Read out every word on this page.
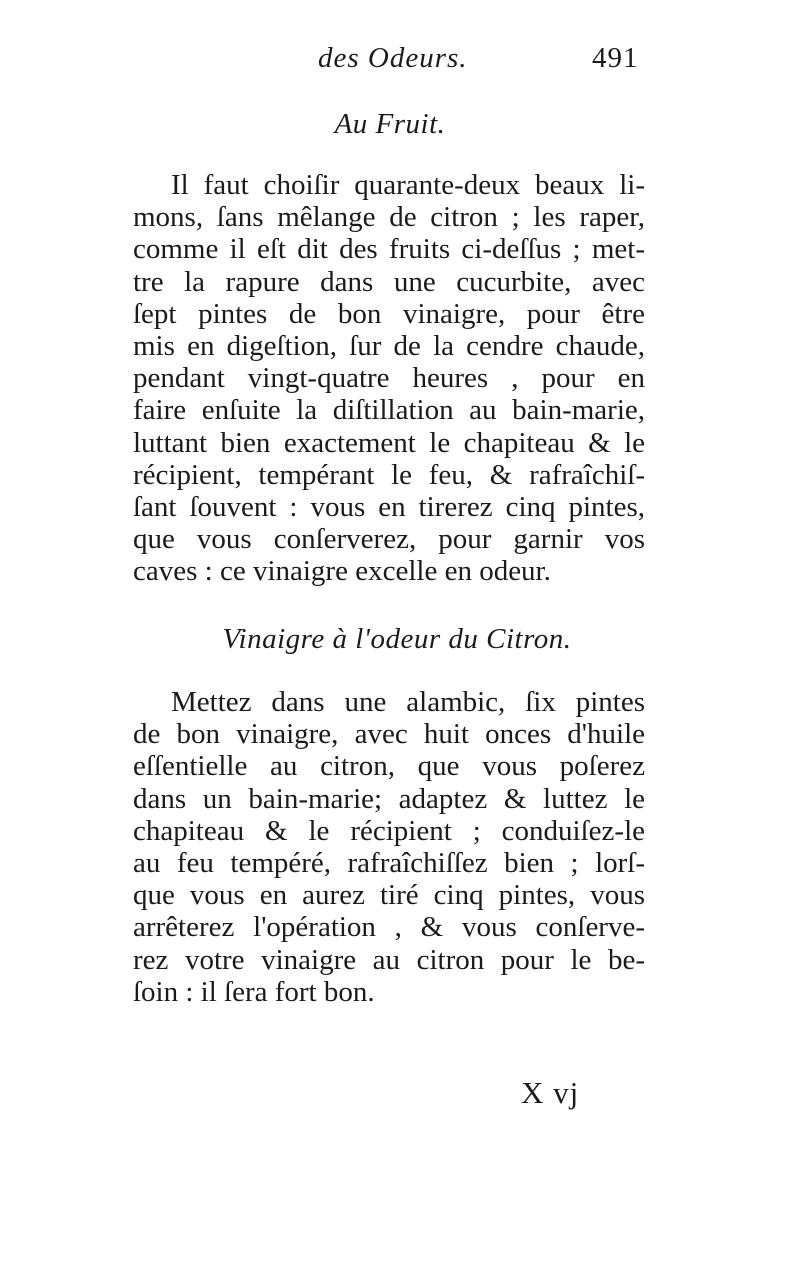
des Odeurs.	491
Au Fruit.
Il faut choiſir quarante-deux beaux li-
mons, ſans mêlange de citron ; les raper,
comme il eſt dit des fruits ci-deſſus ; met-
tre la rapure dans une cucurbite, avec
ſept pintes de bon vinaigre, pour être
mis en digeſtion, ſur de la cendre chaude,
pendant vingt-quatre heures , pour en
faire enſuite la diſtillation au bain-marie,
luttant bien exactement le chapiteau & le
récipient, tempérant le feu, & rafraîchiſ-
ſant ſouvent : vous en tirerez cinq pintes,
que vous conſerverez, pour garnir vos
caves : ce vinaigre excelle en odeur.
Vinaigre à l'odeur du Citron.
Mettez dans une alambic, ſix pintes
de bon vinaigre, avec huit onces d'huile
eſſentielle au citron, que vous poſerez
dans un bain-marie; adaptez & luttez le
chapiteau & le récipient ; conduiſez-le
au feu tempéré, rafraîchiſſez bien ; lorſ-
que vous en aurez tiré cinq pintes, vous
arrêterez l'opération , & vous conſerve-
rez votre vinaigre au citron pour le be-
ſoin : il ſera fort bon.
X vj
